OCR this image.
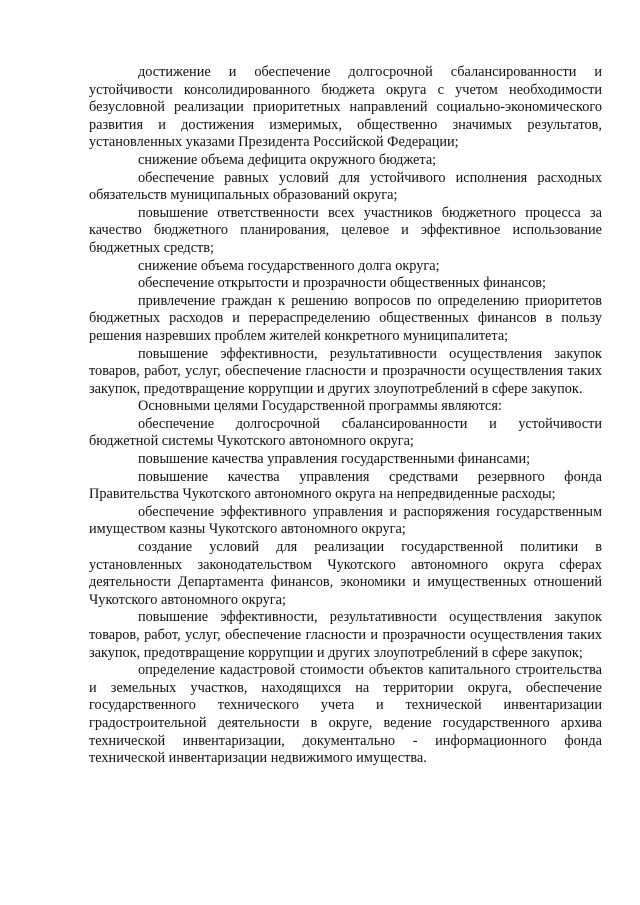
достижение и обеспечение долгосрочной сбалансированности и устойчивости консолидированного бюджета округа с учетом необходимости безусловной реализации приоритетных направлений социально-экономического развития и достижения измеримых, общественно значимых результатов, установленных указами Президента Российской Федерации;

снижение объема дефицита окружного бюджета;

обеспечение равных условий для устойчивого исполнения расходных обязательств муниципальных образований округа;

повышение ответственности всех участников бюджетного процесса за качество бюджетного планирования, целевое и эффективное использование бюджетных средств;

снижение объема государственного долга округа;

обеспечение открытости и прозрачности общественных финансов;

привлечение граждан к решению вопросов по определению приоритетов бюджетных расходов и перераспределению общественных финансов в пользу решения назревших проблем жителей конкретного муниципалитета;

повышение эффективности, результативности осуществления закупок товаров, работ, услуг, обеспечение гласности и прозрачности осуществления таких закупок, предотвращение коррупции и других злоупотреблений в сфере закупок.

Основными целями Государственной программы являются:

обеспечение долгосрочной сбалансированности и устойчивости бюджетной системы Чукотского автономного округа;

повышение качества управления государственными финансами;

повышение качества управления средствами резервного фонда Правительства Чукотского автономного округа на непредвиденные расходы;

обеспечение эффективного управления и распоряжения государственным имуществом казны Чукотского автономного округа;

создание условий для реализации государственной политики в установленных законодательством Чукотского автономного округа сферах деятельности Департамента финансов, экономики и имущественных отношений Чукотского автономного округа;

повышение эффективности, результативности осуществления закупок товаров, работ, услуг, обеспечение гласности и прозрачности осуществления таких закупок, предотвращение коррупции и других злоупотреблений в сфере закупок;

определение кадастровой стоимости объектов капитального строительства и земельных участков, находящихся на территории округа, обеспечение государственного технического учета и технической инвентаризации градостроительной деятельности в округе, ведение государственного архива технической инвентаризации, документально - информационного фонда технической инвентаризации недвижимого имущества.
